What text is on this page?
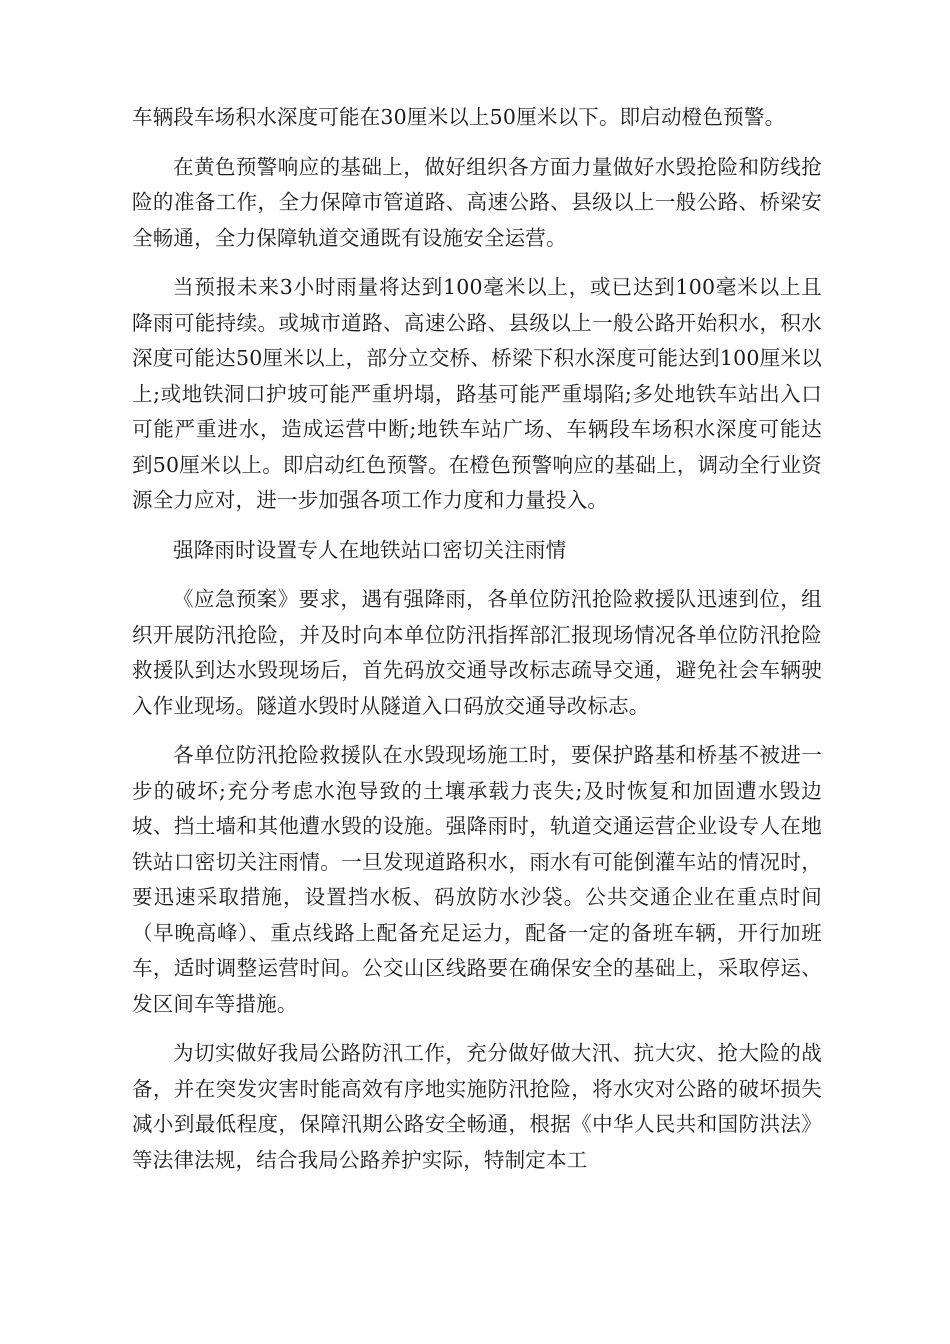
车辆段车场积水深度可能在30厘米以上50厘米以下。即启动橙色预警。

在黄色预警响应的基础上，做好组织各方面力量做好水毁抢险和防线抢险的准备工作，全力保障市管道路、高速公路、县级以上一般公路、桥梁安全畅通，全力保障轨道交通既有设施安全运营。

当预报未来3小时雨量将达到100毫米以上，或已达到100毫米以上且降雨可能持续。或城市道路、高速公路、县级以上一般公路开始积水，积水深度可能达50厘米以上，部分立交桥、桥梁下积水深度可能达到100厘米以上;或地铁洞口护坡可能严重坍塌，路基可能严重塌陷;多处地铁车站出入口可能严重进水，造成运营中断;地铁车站广场、车辆段车场积水深度可能达到50厘米以上。即启动红色预警。在橙色预警响应的基础上，调动全行业资源全力应对，进一步加强各项工作力度和力量投入。

强降雨时设置专人在地铁站口密切关注雨情

《应急预案》要求，遇有强降雨，各单位防汛抢险救援队迅速到位，组织开展防汛抢险，并及时向本单位防汛指挥部汇报现场情况各单位防汛抢险救援队到达水毁现场后，首先码放交通导改标志疏导交通，避免社会车辆驶入作业现场。隧道水毁时从隧道入口码放交通导改标志。

各单位防汛抢险救援队在水毁现场施工时，要保护路基和桥基不被进一步的破坏;充分考虑水泡导致的土壤承载力丧失;及时恢复和加固遭水毁边坡、挡土墙和其他遭水毁的设施。强降雨时，轨道交通运营企业设专人在地铁站口密切关注雨情。一旦发现道路积水，雨水有可能倒灌车站的情况时，要迅速采取措施，设置挡水板、码放防水沙袋。公共交通企业在重点时间（早晚高峰）、重点线路上配备充足运力，配备一定的备班车辆，开行加班车，适时调整运营时间。公交山区线路要在确保安全的基础上，采取停运、发区间车等措施。

为切实做好我局公路防汛工作，充分做好做大汛、抗大灾、抢大险的战备，并在突发灾害时能高效有序地实施防汛抢险，将水灾对公路的破坏损失减小到最低程度，保障汛期公路安全畅通，根据《中华人民共和国防洪法》等法律法规，结合我局公路养护实际，特制定本工
